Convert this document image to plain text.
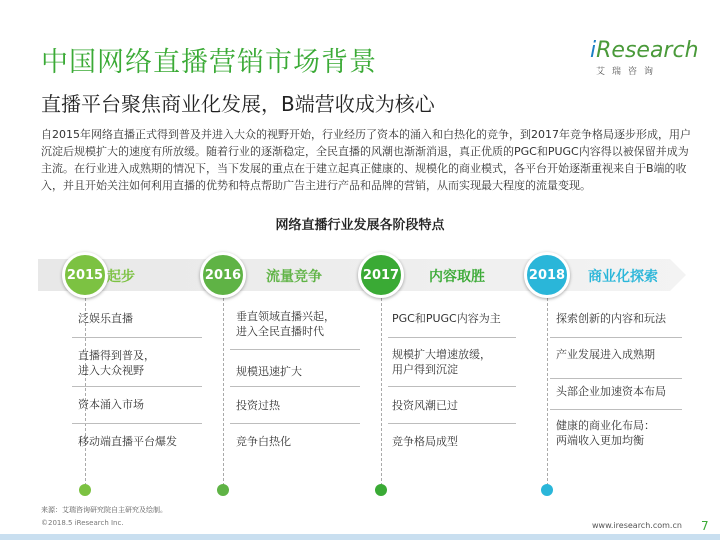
中国网络直播营销市场背景
直播平台聚焦商业化发展，B端营收成为核心
iResearch
艾瑞咨询
自2015年网络直播正式得到普及并进入大众的视野开始，行业经历了资本的涌入和白热化的竞争，到2017年竞争格局逐步形成，用户沉淀后规模扩大的速度有所放缓。随着行业的逐渐稳定，全民直播的风潮也渐渐消退，真正优质的PGC和PUGC内容得以被保留并成为主流。在行业进入成熟期的情况下，当下发展的重点在于建立起真正健康的、规模化的商业模式，各平台开始逐渐重视来自于B端的收入，并且开始关注如何利用直播的优势和特点帮助广告主进行产品和品牌的营销，从而实现最大程度的流量变现。
网络直播行业发展各阶段特点
2015 起步
泛娱乐直播
直播得到普及，
进入大众视野
资本涌入市场
移动端直播平台爆发
2016	流量竞争
垂直领域直播兴起，
进入全民直播时代
规模迅速扩大
投资过热
竞争白热化
2017	内容取胜
PGC和PUGC内容为主
规模扩大增速放缓，
用户得到沉淀
投资风潮已过
竞争格局成型
2018	商业化探索
探索创新的内容和玩法
产业发展进入成熟期
头部企业加速资本布局
健康的商业化布局：
两端收入更加均衡
来源：艾瑞咨询研究院自主研究及绘制。
©2018.5 iResearch Inc.	www.iresearch.com.cn 7
